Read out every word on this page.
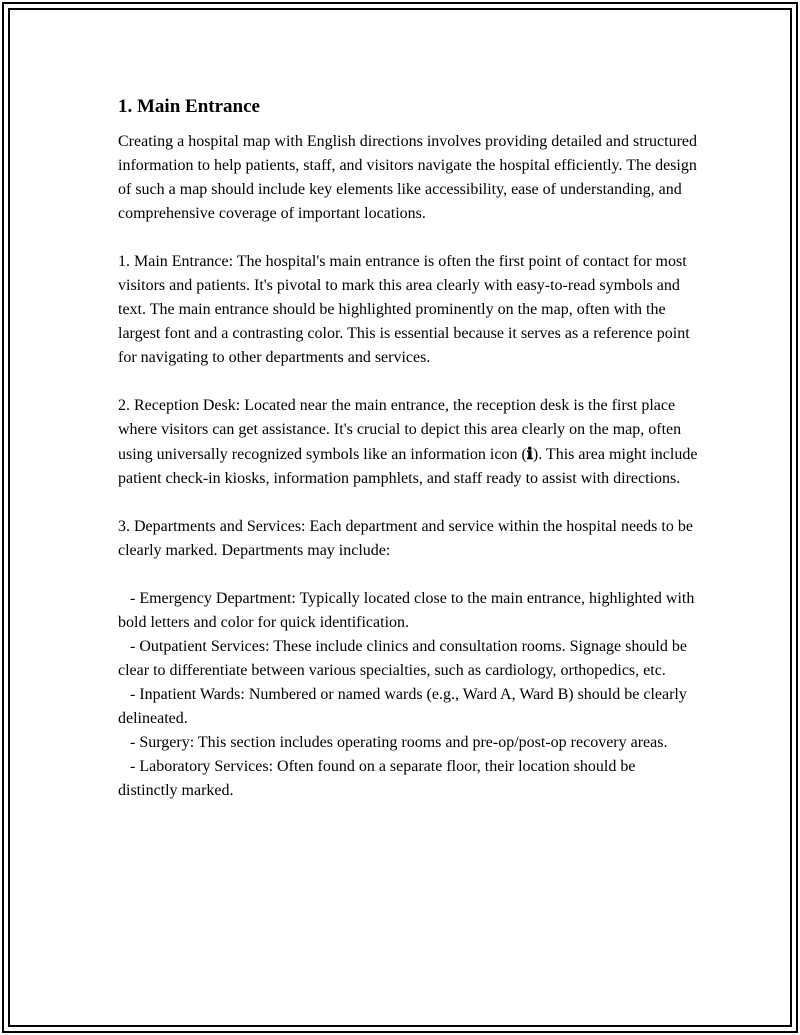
1. Main Entrance

Creating a hospital map with English directions involves providing detailed and structured information to help patients, staff, and visitors navigate the hospital efficiently. The design of such a map should include key elements like accessibility, ease of understanding, and comprehensive coverage of important locations.

1. Main Entrance: The hospital's main entrance is often the first point of contact for most visitors and patients. It's pivotal to mark this area clearly with easy-to-read symbols and text. The main entrance should be highlighted prominently on the map, often with the largest font and a contrasting color. This is essential because it serves as a reference point for navigating to other departments and services.

2. Reception Desk: Located near the main entrance, the reception desk is the first place where visitors can get assistance. It's crucial to depict this area clearly on the map, often using universally recognized symbols like an information icon (ℹ). This area might include patient check-in kiosks, information pamphlets, and staff ready to assist with directions.

3. Departments and Services: Each department and service within the hospital needs to be clearly marked. Departments may include:

- Emergency Department: Typically located close to the main entrance, highlighted with bold letters and color for quick identification.
- Outpatient Services: These include clinics and consultation rooms. Signage should be clear to differentiate between various specialties, such as cardiology, orthopedics, etc.
- Inpatient Wards: Numbered or named wards (e.g., Ward A, Ward B) should be clearly delineated.
- Surgery: This section includes operating rooms and pre-op/post-op recovery areas.
- Laboratory Services: Often found on a separate floor, their location should be distinctly marked.
